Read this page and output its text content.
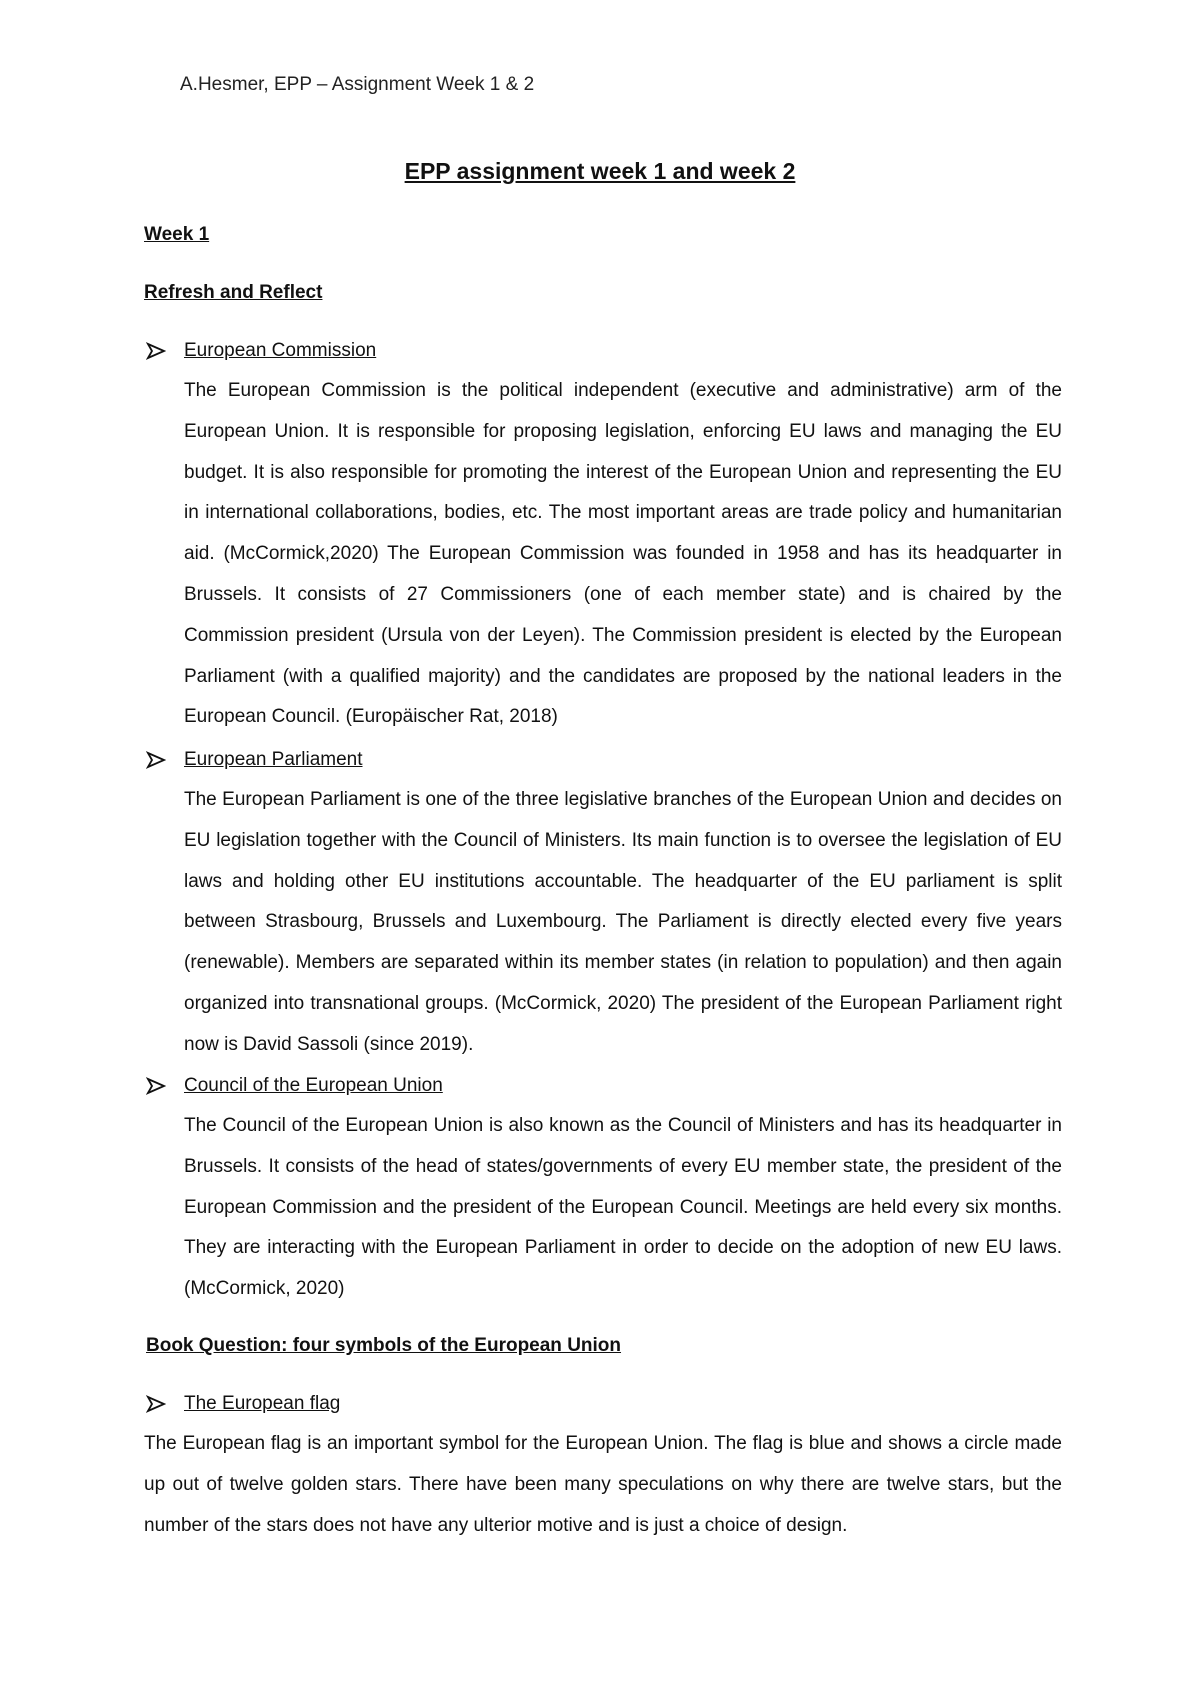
A.Hesmer, EPP – Assignment Week 1 & 2
EPP assignment week 1 and week 2
Week 1
Refresh and Reflect
European Commission

The European Commission is the political independent (executive and administrative) arm of the European Union. It is responsible for proposing legislation, enforcing EU laws and managing the EU budget. It is also responsible for promoting the interest of the European Union and representing the EU in international collaborations, bodies, etc. The most important areas are trade policy and humanitarian aid. (McCormick,2020) The European Commission was founded in 1958 and has its headquarter in Brussels. It consists of 27 Commissioners (one of each member state) and is chaired by the Commission president (Ursula von der Leyen). The Commission president is elected by the European Parliament (with a qualified majority) and the candidates are proposed by the national leaders in the European Council. (Europäischer Rat, 2018)

European Parliament

The European Parliament is one of the three legislative branches of the European Union and decides on EU legislation together with the Council of Ministers. Its main function is to oversee the legislation of EU laws and holding other EU institutions accountable. The headquarter of the EU parliament is split between Strasbourg, Brussels and Luxembourg. The Parliament is directly elected every five years (renewable). Members are separated within its member states (in relation to population) and then again organized into transnational groups. (McCormick, 2020) The president of the European Parliament right now is David Sassoli (since 2019).

Council of the European Union

The Council of the European Union is also known as the Council of Ministers and has its headquarter in Brussels. It consists of the head of states/governments of every EU member state, the president of the European Commission and the president of the European Council. Meetings are held every six months. They are interacting with the European Parliament in order to decide on the adoption of new EU laws. (McCormick, 2020)

Book Question: four symbols of the European Union
The European flag

The European flag is an important symbol for the European Union. The flag is blue and shows a circle made up out of twelve golden stars. There have been many speculations on why there are twelve stars, but the number of the stars does not have any ulterior motive and is just a choice of design.
